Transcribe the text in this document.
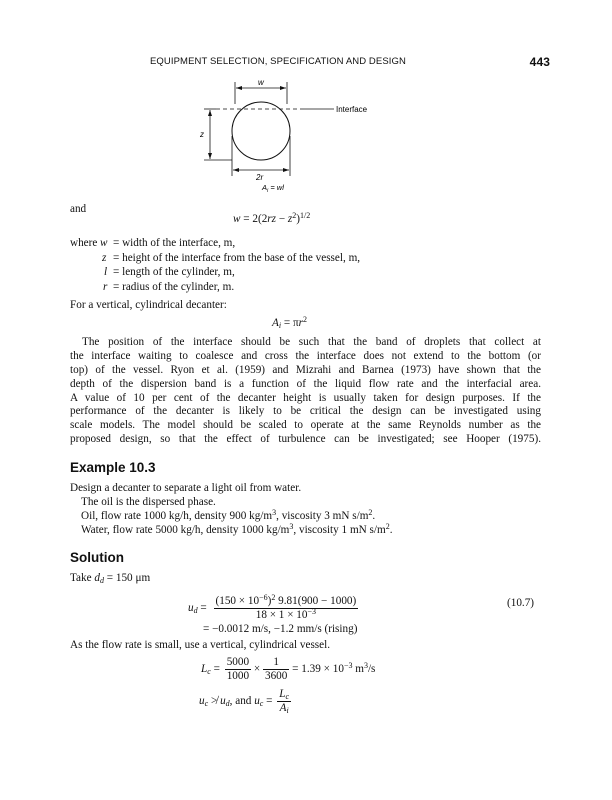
EQUIPMENT SELECTION, SPECIFICATION AND DESIGN	443
w
Interface
z
2r
$A_i$ = wl
and
$w = 2(2rz - z^2)^{1/2}$
where w = width of the interface, m,
z = height of the interface from the base of the vessel, m,
l = length of the cylinder, m,
r = radius of the cylinder, m.
For a vertical, cylindrical decanter:
$A_i = \pi r^2$
The position of the interface should be such that the band of droplets that collect at
the interface waiting to coalesce and cross the interface does not extend to the bottom (or
top) of the vessel. Ryon et al. (1959) and Mizrahi and Barnea (1973) have shown that the
depth of the dispersion band is a function of the liquid flow rate and the interfacial area.
A value of 10 per cent of the decanter height is usually taken for design purposes. If the
performance of the decanter is likely to be critical the design can be investigated using
scale models. The model should be scaled to operate at the same Reynolds number as the
proposed design, so that the effect of turbulence can be investigated; see Hooper (1975).
Example 10.3
Design a decanter to separate a light oil from water.
The oil is the dispersed phase.
Oil, flow rate 1000 kg/h, density 900 $kg/m^3$, viscosity 3 mN $s/m^2$.
Water, flow rate 5000 kg/h, density 1000 $kg/m^3$, viscosity 1 mN $s/m^2$.
Solution
Take $d_d = 150$ μm
$u_d = \frac{(150 \times 10^{-6})^2 9.81(900 - 1000)}{18 \times 1 \times 10^{-3}}$	(10.7)
= −0.0012 m/s, −1.2 mm/s (rising)
As the flow rate is small, use a vertical, cylindrical vessel.
$L_c = \frac{5000}{1000} \times \frac{1}{3600} = 1.39 \times 10^{-3}$ $m^3/s$
$u_c$ ≯ $u_d$, and $u_c = \frac{L_c}{A_i}$
